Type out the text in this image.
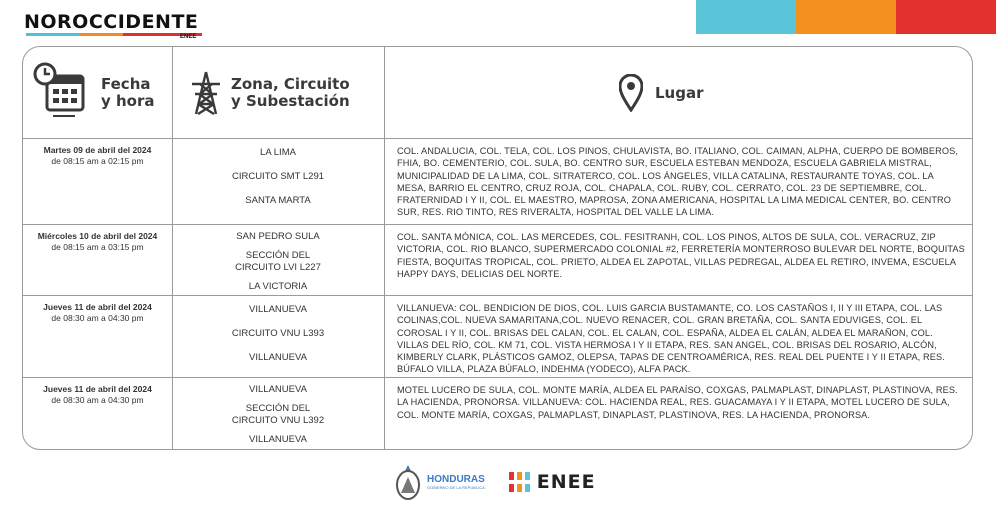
NOROCCIDENTE
ENEE
Fecha
y hora
Zona, Circuito
y Subestación	Lugar
Martes 09 de abril del 2024
de 08:15 am a 02:15 pm
LA LIMA
CIRCUITO SMT L291
SANTA MARTA
COL. ANDALUCIA, COL. TELA, COL. LOS PINOS, CHULAVISTA, BO. ITALIANO, COL. CAIMAN, ALPHA, CUERPO DE BOMBEROS, FHIA, BO. CEMENTERIO, COL. SULA, BO. CENTRO SUR, ESCUELA ESTEBAN MENDOZA, ESCUELA GABRIELA MISTRAL, MUNICIPALIDAD DE LA LIMA, COL. SITRATERCO, COL. LOS ÁNGELES, VILLA CATALINA, RESTAURANTE TOYAS, COL. LA MESA, BARRIO EL CENTRO, CRUZ ROJA, COL. CHAPALA, COL. RUBY, COL. CERRATO, COL. 23 DE SEPTIEMBRE, COL. FRATERNIDAD I Y II, COL. EL MAESTRO, MAPROSA, ZONA AMERICANA, HOSPITAL LA LIMA MEDICAL CENTER, BO. CENTRO SUR, RES. RIO TINTO, RES RIVERALTA, HOSPITAL DEL VALLE LA LIMA.
Miércoles 10 de abril del 2024
de 08:15 am a 03:15 pm
SAN PEDRO SULA
SECCIÓN DEL CIRCUITO LVI L227
LA VICTORIA
COL. SANTA MÓNICA, COL. LAS MERCEDES, COL. FESITRANH, COL. LOS PINOS, ALTOS DE SULA, COL. VERACRUZ, ZIP VICTORIA, COL. RIO BLANCO, SUPERMERCADO COLONIAL #2, FERRETERÍA MONTERROSO BULEVAR DEL NORTE, BOQUITAS FIESTA, BOQUITAS TROPICAL, COL. PRIETO, ALDEA EL ZAPOTAL, VILLAS PEDREGAL, ALDEA EL RETIRO, INVEMA, ESCUELA HAPPY DAYS, DELICIAS DEL NORTE.
Jueves 11 de abril del 2024
de 08:30 am a 04:30 pm
VILLANUEVA
CIRCUITO VNU L393
VILLANUEVA
VILLANUEVA: COL. BENDICION DE DIOS, COL. LUIS GARCIA BUSTAMANTE, CO. LOS CASTAÑOS I, II Y III ETAPA, COL. LAS COLINAS,COL. NUEVA SAMARITANA,COL. NUEVO RENACER, COL. GRAN BRETAÑA, COL. SANTA EDUVIGES, COL. EL COROSAL I Y II, COL. BRISAS DEL CALAN, COL. EL CALAN, COL. ESPAÑA, ALDEA EL CALÁN, ALDEA EL MARAÑON, COL. VILLAS DEL RÍO, COL. KM 71, COL. VISTA HERMOSA I Y II ETAPA, RES. SAN ANGEL, COL. BRISAS DEL ROSARIO, ALCÓN, KIMBERLY CLARK, PLÁSTICOS GAMOZ, OLEPSA, TAPAS DE CENTROAMÉRICA, RES. REAL DEL PUENTE I Y II ETAPA, RES. BÚFALO VILLA, PLAZA BÚFALO, INDEHMA (YODECO), ALFA PACK.
Jueves 11 de abril del 2024
de 08:30 am a 04:30 pm
VILLANUEVA
SECCIÓN DEL CIRCUITO VNU L392
VILLANUEVA
MOTEL LUCERO DE SULA, COL. MONTE MARÍA, ALDEA EL PARAÍSO, COXGAS, PALMAPLAST, DINAPLAST, PLASTINOVA, RES. LA HACIENDA, PRONORSA. VILLANUEVA: COL. HACIENDA REAL, RES. GUACAMAYA I Y II ETAPA, MOTEL LUCERO DE SULA, COL. MONTE MARÍA, COXGAS, PALMAPLAST, DINAPLAST, PLASTINOVA, RES. LA HACIENDA, PRONORSA.
HONDURAS
GOBIERNO DE LA REPÚBLICA	ENEE
